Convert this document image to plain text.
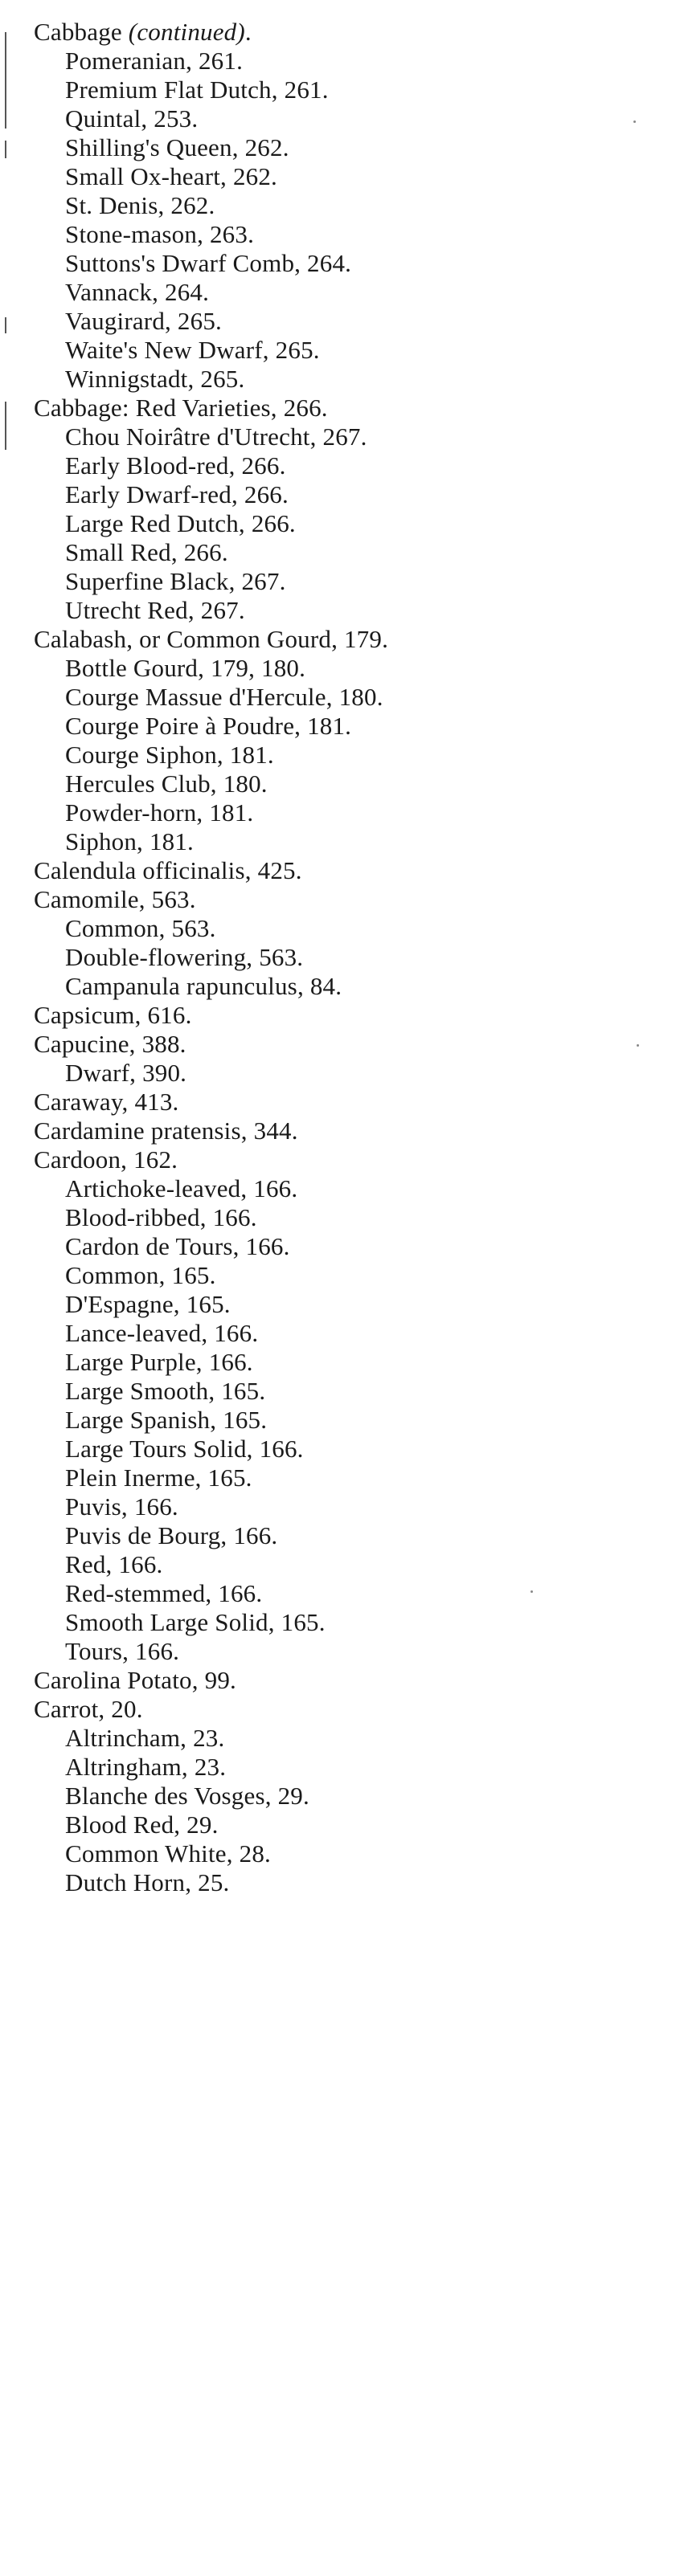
Cabbage (continued).
Pomeranian, 261.
Premium Flat Dutch, 261.
Quintal, 253.
Shilling's Queen, 262.
Small Ox-heart, 262.
St. Denis, 262.
Stone-mason, 263.
Suttons's Dwarf Comb, 264.
Vannack, 264.
Vaugirard, 265.
Waite's New Dwarf, 265.
Winnigstadt, 265.
Cabbage: Red Varieties, 266.
Chou Noirâtre d'Utrecht, 267.
Early Blood-red, 266.
Early Dwarf-red, 266.
Large Red Dutch, 266.
Small Red, 266.
Superfine Black, 267.
Utrecht Red, 267.
Calabash, or Common Gourd, 179.
Bottle Gourd, 179, 180.
Courge Massue d'Hercule, 180.
Courge Poire à Poudre, 181.
Courge Siphon, 181.
Hercules Club, 180.
Powder-horn, 181.
Siphon, 181.
Calendula officinalis, 425.
Camomile, 563.
Common, 563.
Double-flowering, 563.
Campanula rapunculus, 84.
Capsicum, 616.
Capucine, 388.
Dwarf, 390.
Caraway, 413.
Cardamine pratensis, 344.
Cardoon, 162.
Artichoke-leaved, 166.
Blood-ribbed, 166.
Cardon de Tours, 166.
Common, 165.
D'Espagne, 165.
Lance-leaved, 166.
Large Purple, 166.
Large Smooth, 165.
Large Spanish, 165.
Large Tours Solid, 166.
Plein Inerme, 165.
Puvis, 166.
Puvis de Bourg, 166.
Red, 166.
Red-stemmed, 166.
Smooth Large Solid, 165.
Tours, 166.
Carolina Potato, 99.
Carrot, 20.
Altrincham, 23.
Altringham, 23.
Blanche des Vosges, 29.
Blood Red, 29.
Common White, 28.
Dutch Horn, 25.
